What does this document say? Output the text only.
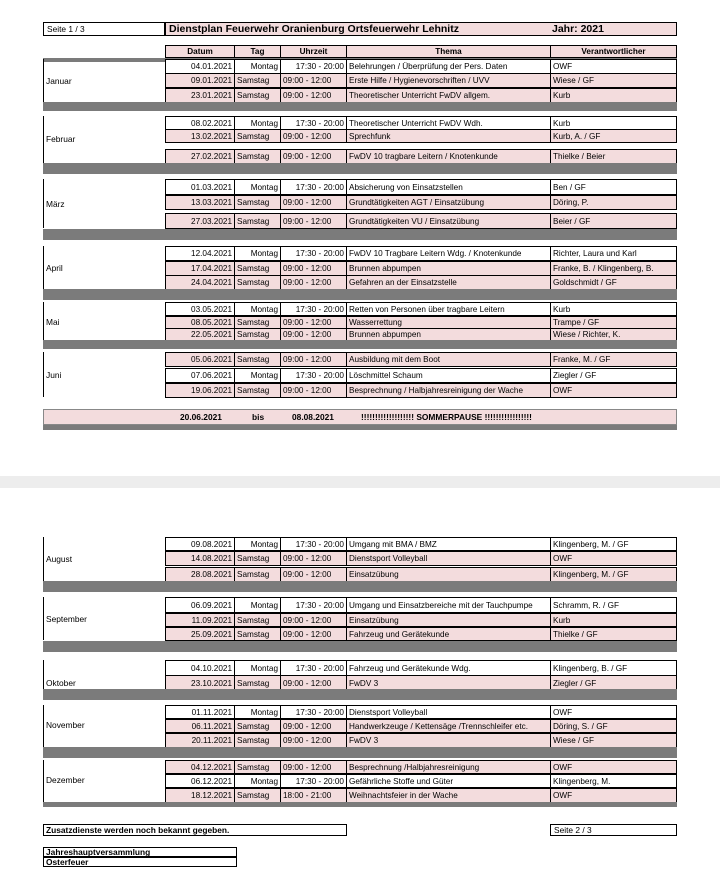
Seite 1 / 3	Dienstplan Feuerwehr Oranienburg Ortsfeuerwehr Lehnitz	Jahr: 2021
Datum	Tag	Uhrzeit	Thema	Verantwortlicher
Januar
04.01.2021	Montag	17:30 - 20:00 Belehrungen / Überprüfung der Pers. Daten	OWF
09.01.2021 Samstag	09:00 - 12:00	Erste Hilfe / Hygienevorschriften / UVV	Wiese / GF
23.01.2021 Samstag	09:00 - 12:00	Theoretischer Unterricht FwDV allgem.	Kurb
Februar
08.02.2021	Montag	17:30 - 20:00 Theoretischer Unterricht FwDV Wdh.	Kurb
13.02.2021 Samstag	09:00 - 12:00	Sprechfunk	Kurb, A. / GF
27.02.2021 Samstag	09:00 - 12:00	FwDV 10 tragbare Leitern / Knotenkunde	Thielke / Beier
März
01.03.2021	Montag	17:30 - 20:00 Absicherung von Einsatzstellen	Ben / GF
13.03.2021 Samstag	09:00 - 12:00	Grundtätigkeiten AGT / Einsatzübung	Döring, P.
27.03.2021 Samstag	09:00 - 12:00	Grundtätigkeiten VU / Einsatzübung	Beier / GF
April
12.04.2021	Montag	17:30 - 20:00 FwDV 10 Tragbare Leitern Wdg. / Knotenkunde	Richter, Laura und Karl
17.04.2021 Samstag	09:00 - 12:00	Brunnen abpumpen	Franke, B. / Klingenberg, B.
24.04.2021 Samstag	09:00 - 12:00	Gefahren an der Einsatzstelle	Goldschmidt / GF
Mai
03.05.2021	Montag	17:30 - 20:00 Retten von Personen über tragbare Leitern	Kurb
08.05.2021 Samstag	09:00 - 12:00	Wasserrettung	Trampe / GF
22.05.2021 Samstag	09:00 - 12:00	Brunnen abpumpen	Wiese / Richter, K.
Juni
05.06.2021 Samstag	09:00 - 12:00	Ausbildung mit dem Boot	Franke, M. / GF
07.06.2021	Montag	17:30 - 20:00 Löschmittel Schaum	Ziegler / GF
19.06.2021 Samstag	09:00 - 12:00	Besprechnung / Halbjahresreinigung der Wache	OWF
August
09.08.2021	Montag	17:30 - 20:00 Umgang mit BMA / BMZ	Klingenberg, M. / GF
14.08.2021 Samstag	09:00 - 12:00	Dienstsport Volleyball	OWF
28.08.2021 Samstag	09:00 - 12:00	Einsatzübung	Klingenberg, M. / GF
September
06.09.2021	Montag	17:30 - 20:00 Umgang und Einsatzbereiche mit der Tauchpumpe	Schramm, R. / GF
11.09.2021 Samstag	09:00 - 12:00	Einsatzübung	Kurb
25.09.2021 Samstag	09:00 - 12:00	Fahrzeug und Gerätekunde	Thielke / GF
Oktober
04.10.2021	Montag	17:30 - 20:00 Fahrzeug und Gerätekunde Wdg.	Klingenberg, B. / GF
23.10.2021 Samstag	09:00 - 12:00	FwDV 3	Ziegler / GF
November
01.11.2021	Montag	17:30 - 20:00 Dienstsport Volleyball	OWF
06.11.2021 Samstag	09:00 - 12:00	Handwerkzeuge / Kettensäge /Trennschleifer etc.	Döring, S. / GF
20.11.2021 Samstag	09:00 - 12:00	FwDV 3	Wiese / GF
Dezember
04.12.2021 Samstag	09:00 - 12:00	Besprechnung /Halbjahresreinigung	OWF
06.12.2021	Montag	17:30 - 20:00 Gefährliche Stoffe und Güter	Klingenberg, M.
18.12.2021 Samstag	18:00 - 21:00	Weihnachtsfeier in der Wache	OWF
20.06.2021	bis	08.08.2021	!!!!!!!!!!!!!!!!!!! SOMMERPAUSE !!!!!!!!!!!!!!!!!
Zusatzdienste werden noch bekannt gegeben.	Seite 2 / 3
Jahreshauptversammlung
Osterfeuer
